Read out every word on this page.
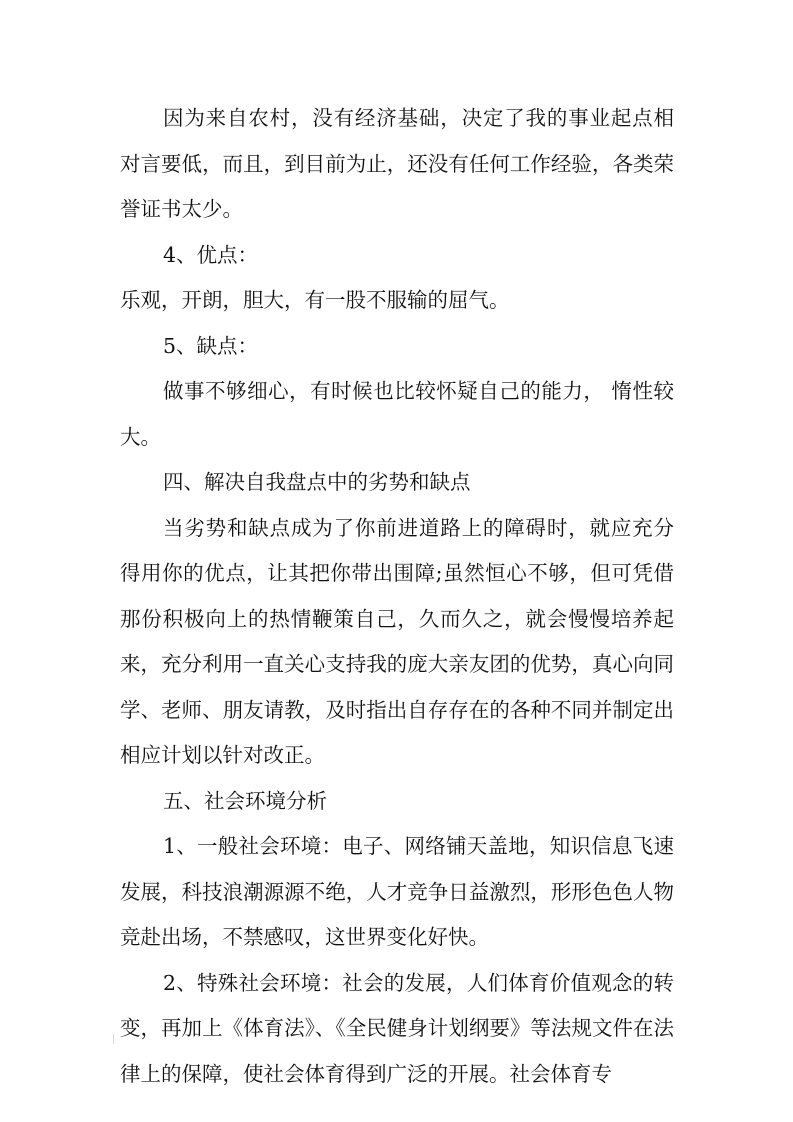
因为来自农村，没有经济基础，决定了我的事业起点相对言要低，而且，到目前为止，还没有任何工作经验，各类荣誉证书太少。

4、优点：

乐观，开朗，胆大，有一股不服输的屈气。

5、缺点：

做事不够细心，有时候也比较怀疑自己的能力， 惰性较大。

四、解决自我盘点中的劣势和缺点

当劣势和缺点成为了你前进道路上的障碍时，就应充分得用你的优点，让其把你带出围障;虽然恒心不够，但可凭借那份积极向上的热情鞭策自己，久而久之，就会慢慢培养起来，充分利用一直关心支持我的庞大亲友团的优势，真心向同学、老师、朋友请教，及时指出自存存在的各种不同并制定出相应计划以针对改正。

五、社会环境分析

1、一般社会环境：电子、网络铺天盖地，知识信息飞速发展，科技浪潮源源不绝，人才竞争日益激烈，形形色色人物竞赴出场，不禁感叹，这世界变化好快。

2、特殊社会环境：社会的发展，人们体育价值观念的转变，再加上《体育法》、《全民健身计划纲要》等法规文件在法律上的保障，使社会体育得到广泛的开展。社会体育专
